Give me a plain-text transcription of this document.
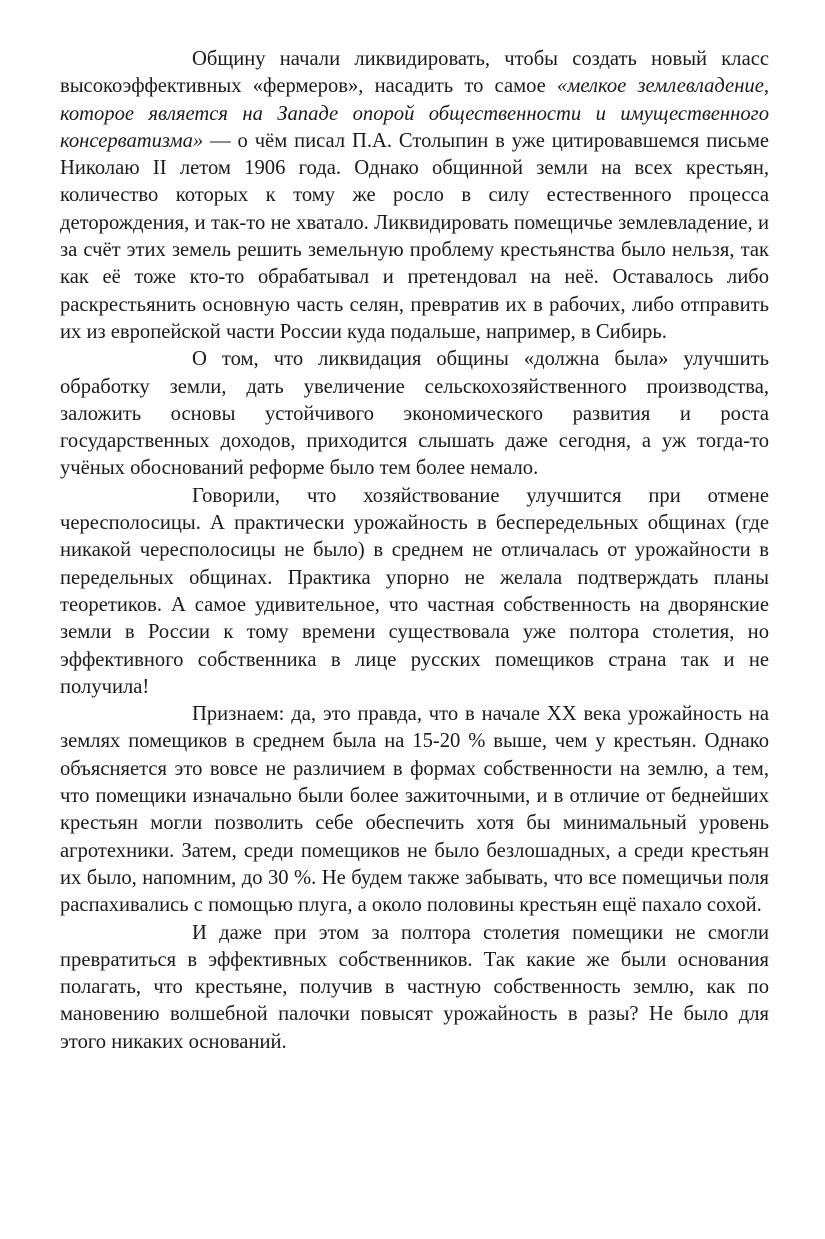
Общину начали ликвидировать, чтобы создать новый класс высокоэффективных «фермеров», насадить то самое «мелкое землевладение, которое является на Западе опорой общественности и имущественного консерватизма» — о чём писал П.А. Столыпин в уже цитировавшемся письме Николаю II летом 1906 года. Однако общинной земли на всех крестьян, количество которых к тому же росло в силу естественного процесса деторождения, и так-то не хватало. Ликвидировать помещичье землевладение, и за счёт этих земель решить земельную проблему крестьянства было нельзя, так как её тоже кто-то обрабатывал и претендовал на неё. Оставалось либо раскрестьянить основную часть селян, превратив их в рабочих, либо отправить их из европейской части России куда подальше, например, в Сибирь.

О том, что ликвидация общины «должна была» улучшить обработку земли, дать увеличение сельскохозяйственного производства, заложить основы устойчивого экономического развития и роста государственных доходов, приходится слышать даже сегодня, а уж тогда-то учёных обоснований реформе было тем более немало.

Говорили, что хозяйствование улучшится при отмене чересполосицы. А практически урожайность в беспередельных общинах (где никакой чересполосицы не было) в среднем не отличалась от урожайности в передельных общинах. Практика упорно не желала подтверждать планы теоретиков. А самое удивительное, что частная собственность на дворянские земли в России к тому времени существовала уже полтора столетия, но эффективного собственника в лице русских помещиков страна так и не получила!

Признаем: да, это правда, что в начале XX века урожайность на землях помещиков в среднем была на 15-20 % выше, чем у крестьян. Однако объясняется это вовсе не различием в формах собственности на землю, а тем, что помещики изначально были более зажиточными, и в отличие от беднейших крестьян могли позволить себе обеспечить хотя бы минимальный уровень агротехники. Затем, среди помещиков не было безлошадных, а среди крестьян их было, напомним, до 30 %. Не будем также забывать, что все помещичьи поля распахивались с помощью плуга, а около половины крестьян ещё пахало сохой.

И даже при этом за полтора столетия помещики не смогли превратиться в эффективных собственников. Так какие же были основания полагать, что крестьяне, получив в частную собственность землю, как по мановению волшебной палочки повысят урожайность в разы? Не было для этого никаких оснований.
